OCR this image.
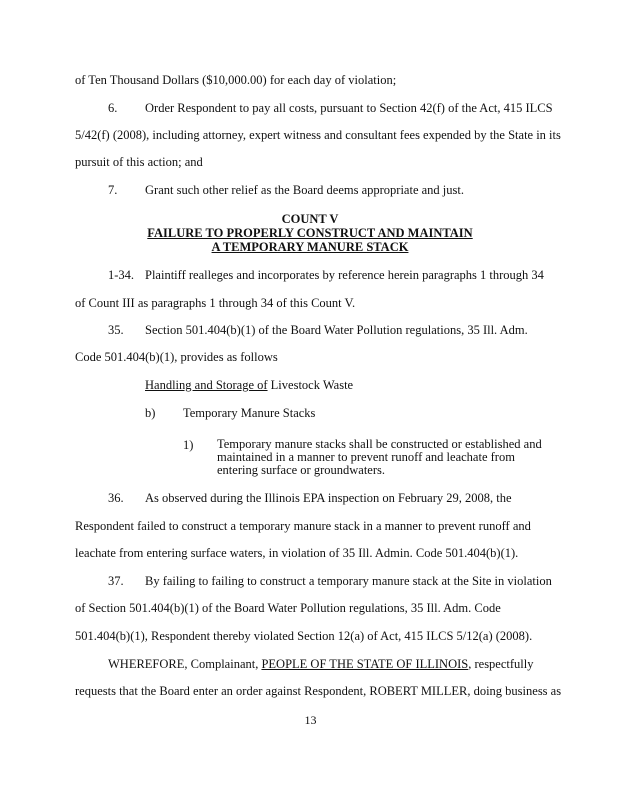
of Ten Thousand Dollars ($10,000.00) for each day of violation;
6. Order Respondent to pay all costs, pursuant to Section 42(f) of the Act, 415 ILCS
5/42(f) (2008), including attorney, expert witness and consultant fees expended by the State in its
pursuit of this action; and
7. Grant such other relief as the Board deems appropriate and just.
COUNT V
FAILURE TO PROPERLY CONSTRUCT AND MAINTAIN
A TEMPORARY MANURE STACK
1-34. Plaintiff realleges and incorporates by reference herein paragraphs 1 through 34
of Count III as paragraphs 1 through 34 of this Count V.
35. Section 501.404(b)(1) of the Board Water Pollution regulations, 35 Ill. Adm.
Code 501.404(b)(1), provides as follows
Handling and Storage of Livestock Waste
b) Temporary Manure Stacks
1) Temporary manure stacks shall be constructed or established and
maintained in a manner to prevent runoff and leachate from
entering surface or groundwaters.
36. As observed during the Illinois EPA inspection on February 29, 2008, the
Respondent failed to construct a temporary manure stack in a manner to prevent runoff and
leachate from entering surface waters, in violation of 35 Ill. Admin. Code 501.404(b)(1).
37. By failing to failing to construct a temporary manure stack at the Site in violation
of Section 501.404(b)(1) of the Board Water Pollution regulations, 35 Ill. Adm. Code
501.404(b)(1), Respondent thereby violated Section 12(a) of Act, 415 ILCS 5/12(a) (2008).
WHEREFORE, Complainant, PEOPLE OF THE STATE OF ILLINOIS, respectfully
requests that the Board enter an order against Respondent, ROBERT MILLER, doing business as
13
